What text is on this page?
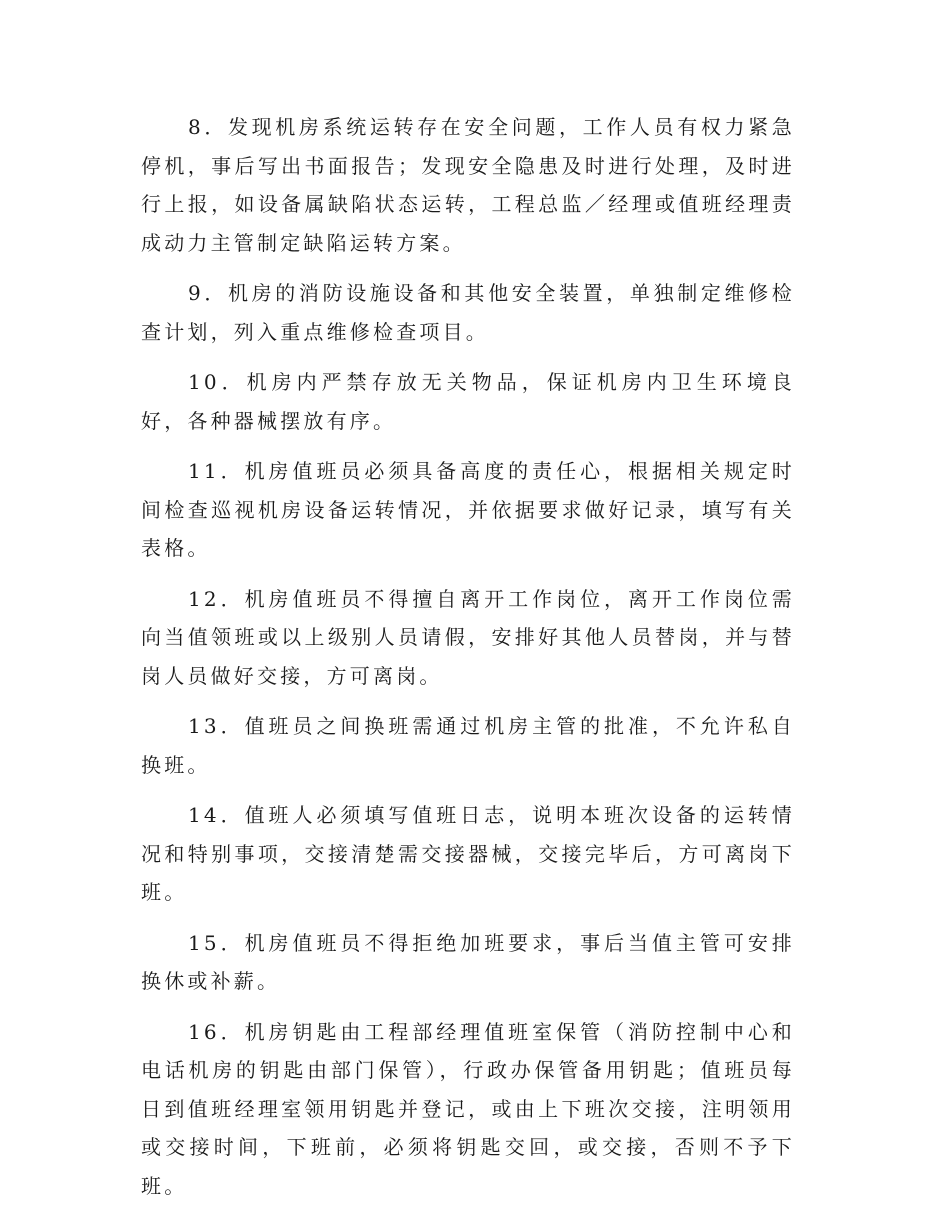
8．发现机房系统运转存在安全问题，工作人员有权力紧急停机，事后写出书面报告；发现安全隐患及时进行处理，及时进行上报，如设备属缺陷状态运转，工程总监／经理或值班经理责成动力主管制定缺陷运转方案。

9．机房的消防设施设备和其他安全装置，单独制定维修检查计划，列入重点维修检查项目。

10．机房内严禁存放无关物品，保证机房内卫生环境良好，各种器械摆放有序。

11．机房值班员必须具备高度的责任心，根据相关规定时间检查巡视机房设备运转情况，并依据要求做好记录，填写有关表格。

12．机房值班员不得擅自离开工作岗位，离开工作岗位需向当值领班或以上级别人员请假，安排好其他人员替岗，并与替岗人员做好交接，方可离岗。

13．值班员之间换班需通过机房主管的批准，不允许私自换班。

14．值班人必须填写值班日志，说明本班次设备的运转情况和特别事项，交接清楚需交接器械，交接完毕后，方可离岗下班。

15．机房值班员不得拒绝加班要求，事后当值主管可安排换休或补薪。

16．机房钥匙由工程部经理值班室保管（消防控制中心和电话机房的钥匙由部门保管），行政办保管备用钥匙；值班员每日到值班经理室领用钥匙并登记，或由上下班次交接，注明领用或交接时间，下班前，必须将钥匙交回，或交接，否则不予下班。
